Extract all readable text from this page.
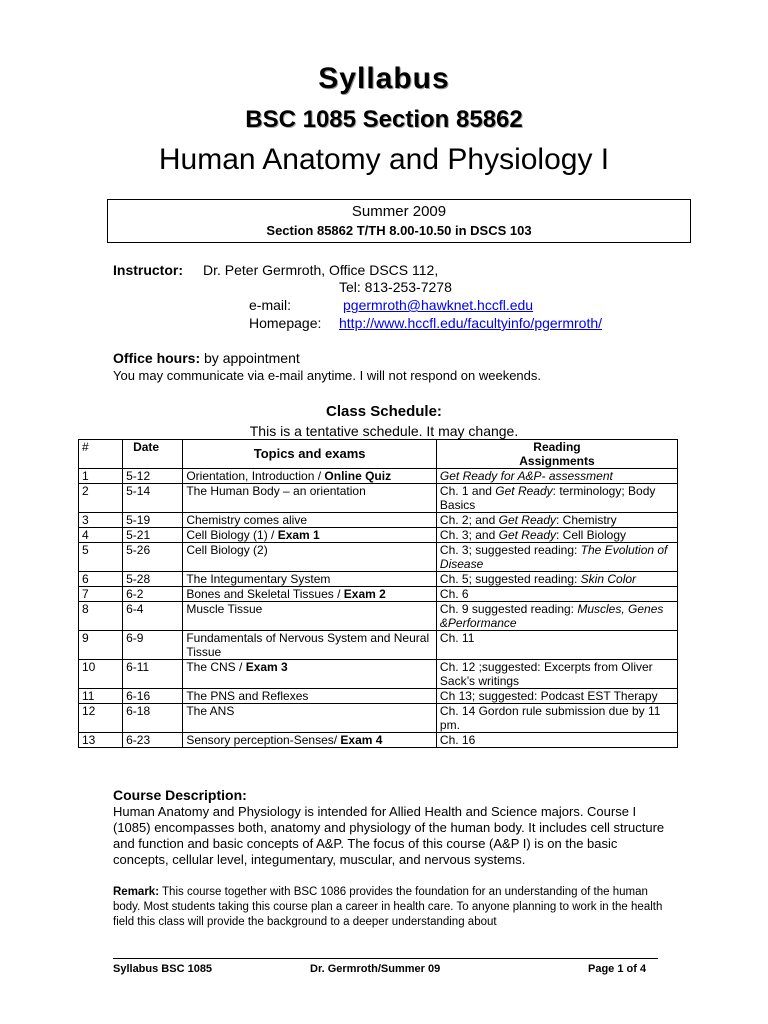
Syllabus
BSC 1085 Section 85862
Human Anatomy and Physiology I
Summer 2009
Section 85862 T/TH 8.00-10.50 in DSCS 103
Instructor: Dr. Peter Germroth, Office DSCS 112,
Tel: 813-253-7278
e-mail:	pgermroth@hawknet.hccfl.edu
Homepage: http://www.hccfl.edu/facultyinfo/pgermroth/
Office hours: by appointment
You may communicate via e-mail anytime. I will not respond on weekends.
Class Schedule:
This is a tentative schedule. It may change.
#	Date	Topics and exams	Reading
Assignments

1	5-12	Orientation, Introduction / Online Quiz	Get Ready for A&P- assessment
2	5-14	The Human Body – an orientation	Ch. 1 and Get Ready: terminology; Body Basics
3	5-19	Chemistry comes alive	Ch. 2; and Get Ready: Chemistry
4	5-21	Cell Biology (1) / Exam 1	Ch. 3; and Get Ready: Cell Biology
5	5-26	Cell Biology (2)	Ch. 3; suggested reading: The Evolution of Disease
6	5-28	The Integumentary System	Ch. 5; suggested reading: Skin Color
7	6-2	Bones and Skeletal Tissues / Exam 2	Ch. 6
8	6-4	Muscle Tissue	Ch. 9 suggested reading: Muscles, Genes &Performance
9	6-9	Fundamentals of Nervous System and Neural Tissue	Ch. 11
10	6-11	The CNS / Exam 3	Ch. 12 ;suggested: Excerpts from Oliver Sack’s writings
11	6-16	The PNS and Reflexes	Ch 13; suggested: Podcast EST Therapy
12	6-18	The ANS	Ch. 14 Gordon rule submission due by 11 pm.
13	6-23	Sensory perception-Senses/ Exam 4	Ch. 16
Course Description:
Human Anatomy and Physiology is intended for Allied Health and Science majors. Course I (1085) encompasses both, anatomy and physiology of the human body. It includes cell structure and function and basic concepts of A&P. The focus of this course (A&P I) is on the basic concepts, cellular level, integumentary, muscular, and nervous systems.
Remark: This course together with BSC 1086 provides the foundation for an understanding of the human body. Most students taking this course plan a career in health care. To anyone planning to work in the health field this class will provide the background to a deeper understanding about
Syllabus BSC 1085	Dr. Germroth/Summer 09	Page 1 of 4
